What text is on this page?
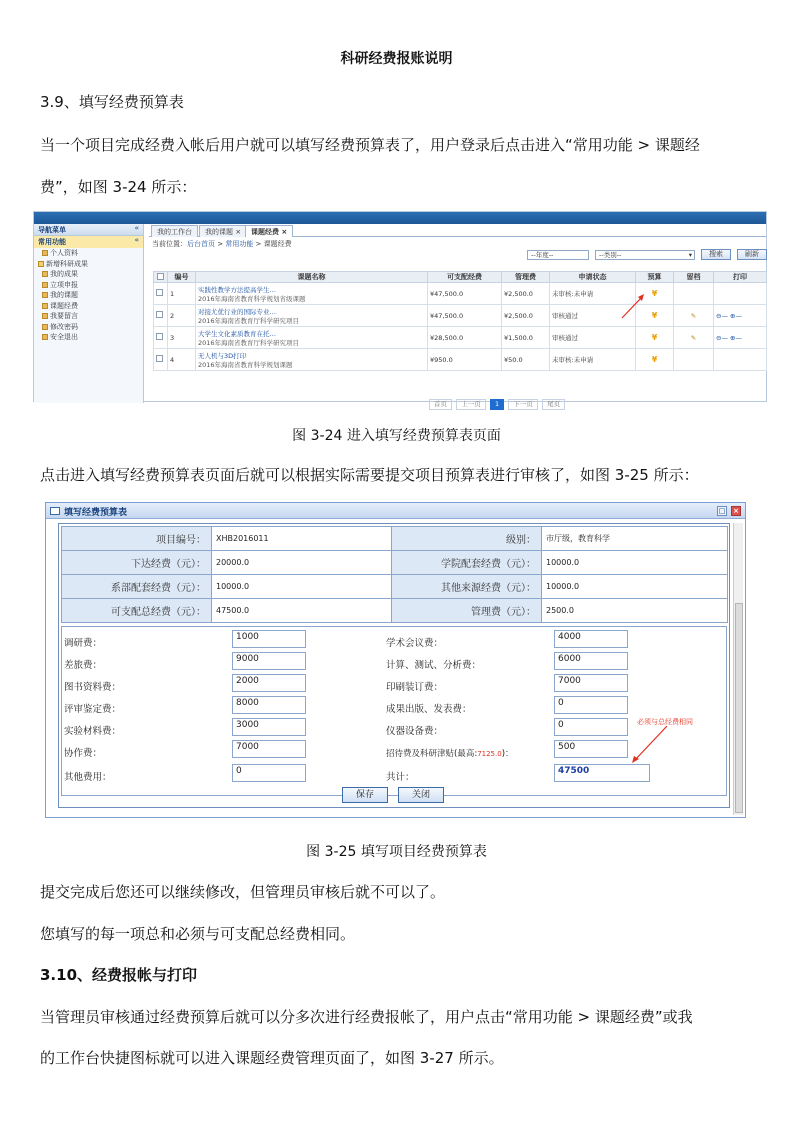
科研经费报账说明
3.9、填写经费预算表
当一个项目完成经费入帐后用户就可以填写经费预算表了，用户登录后点击进入“常用功能 > 课题经
费”，如图 3-24 所示：
导航菜单	«
常用功能	«
个人资料
新增科研成果
我的成果
立项申报
我的课题
课题经费
我要留言
修改密码
安全退出
我的工作台	我的课题 ×	课题经费 ×
当前位置：后台首页 > 常用功能 > 课题经费
--年度--	--类别--	▾	搜索	刷新
	编号	课题名称	可支配经费	管理费	申请状态	预算	留档	打印
	1	实践性教学方法提高学生…
2016年海南省教育科学规划省级课题	¥47,500.0	¥2,500.0	未审核:未申请	¥		
	2	对接尤优行业的国际专业…
2016年海南省教育厅科学研究项目	¥47,500.0	¥2,500.0	审核通过	¥	✎	⊖— ⊕—
	3	大学生文化素质教育在托…
2016年海南省教育厅科学研究项目	¥28,500.0	¥1,500.0	审核通过	¥	✎	⊖— ⊕—
	4	无人机与3D打印
2016年海南省教育科学规划课题	¥950.0	¥50.0	未审核:未申请	¥		
首页 上一页 1 下一页 尾页
图 3-24 进入填写经费预算表页面
点击进入填写经费预算表页面后就可以根据实际需要提交项目预算表进行审核了，如图 3-25 所示：
填写经费预算表	□ ×
项目编号：	XHB2016011	级别：	市厅级，教育科学
下达经费（元）：	20000.0	学院配套经费（元）：	10000.0
系部配套经费（元）：	10000.0	其他来源经费（元）：	10000.0
可支配总经费（元）：	47500.0	管理费（元）：	2500.0
调研费：
1000
差旅费：
9000
图书资料费：
2000
评审鉴定费：
8000
实验材料费：
3000
协作费：
7000
其他费用：
0
学术会议费：
4000
计算、测试、分析费：
6000
印刷装订费：
7000
成果出版、发表费：
0
仪器设备费：
0
招待费及科研津贴(最高:7125.0)：
500
共计：
47500
必须与总经费相同
保存	关闭
图 3-25 填写项目经费预算表
提交完成后您还可以继续修改，但管理员审核后就不可以了。
您填写的每一项总和必须与可支配总经费相同。
3.10、经费报帐与打印
当管理员审核通过经费预算后就可以分多次进行经费报帐了，用户点击“常用功能 > 课题经费”或我
的工作台快捷图标就可以进入课题经费管理页面了，如图 3-27 所示。
